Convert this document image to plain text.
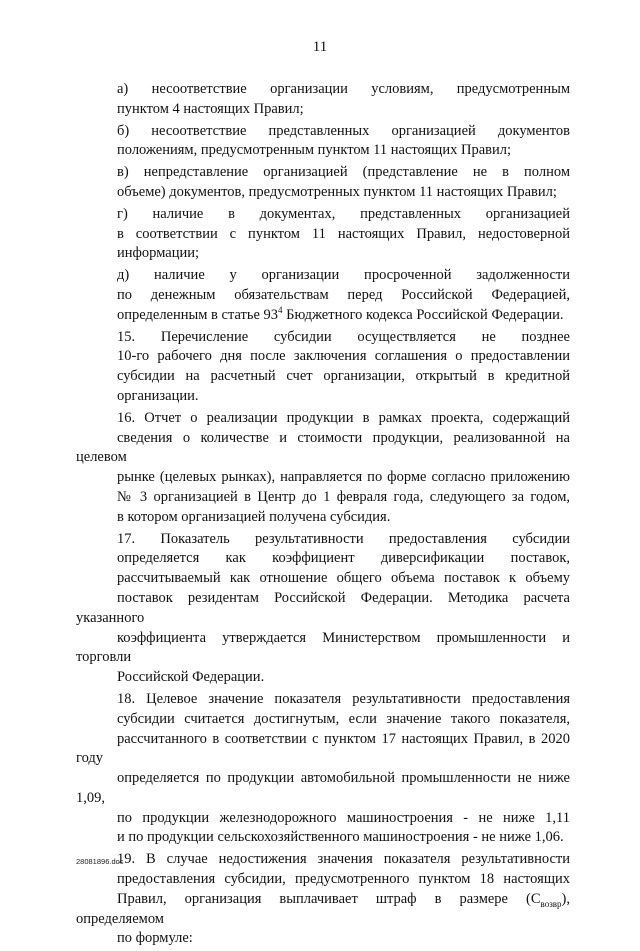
11

а) несоответствие организации условиям, предусмотренным
пунктом 4 настоящих Правил;

б) несоответствие представленных организацией документов
положениям, предусмотренным пунктом 11 настоящих Правил;

в) непредставление организацией (представление не в полном
объеме) документов, предусмотренных пунктом 11 настоящих Правил;

г) наличие в документах, представленных организацией
в соответствии с пунктом 11 настоящих Правил, недостоверной
информации;

д) наличие у организации просроченной задолженности
по денежным обязательствам перед Российской Федерацией,
определенным в статье $93^4$ Бюджетного кодекса Российской Федерации.

15. Перечисление субсидии осуществляется не позднее
10-го рабочего дня после заключения соглашения о предоставлении
субсидии на расчетный счет организации, открытый в кредитной
организации.

16. Отчет о реализации продукции в рамках проекта, содержащий
сведения о количестве и стоимости продукции, реализованной на целевом
рынке (целевых рынках), направляется по форме согласно приложению
№ 3 организацией в Центр до 1 февраля года, следующего за годом,
в котором организацией получена субсидия.

17. Показатель результативности предоставления субсидии
определяется как коэффициент диверсификации поставок,
рассчитываемый как отношение общего объема поставок к объему
поставок резидентам Российской Федерации. Методика расчета указанного
коэффициента утверждается Министерством промышленности и торговли
Российской Федерации.

18. Целевое значение показателя результативности предоставления
субсидии считается достигнутым, если значение такого показателя,
рассчитанного в соответствии с пунктом 17 настоящих Правил, в 2020 году
определяется по продукции автомобильной промышленности не ниже 1,09,
по продукции железнодорожного машиностроения - не ниже 1,11
и по продукции сельскохозяйственного машиностроения - не ниже 1,06.

19. В случае недостижения значения показателя результативности
предоставления субсидии, предусмотренного пунктом 18 настоящих
Правил, организация выплачивает штраф в размере $(С_{возвр})$, определяемом
по формуле:

28081896.doc
